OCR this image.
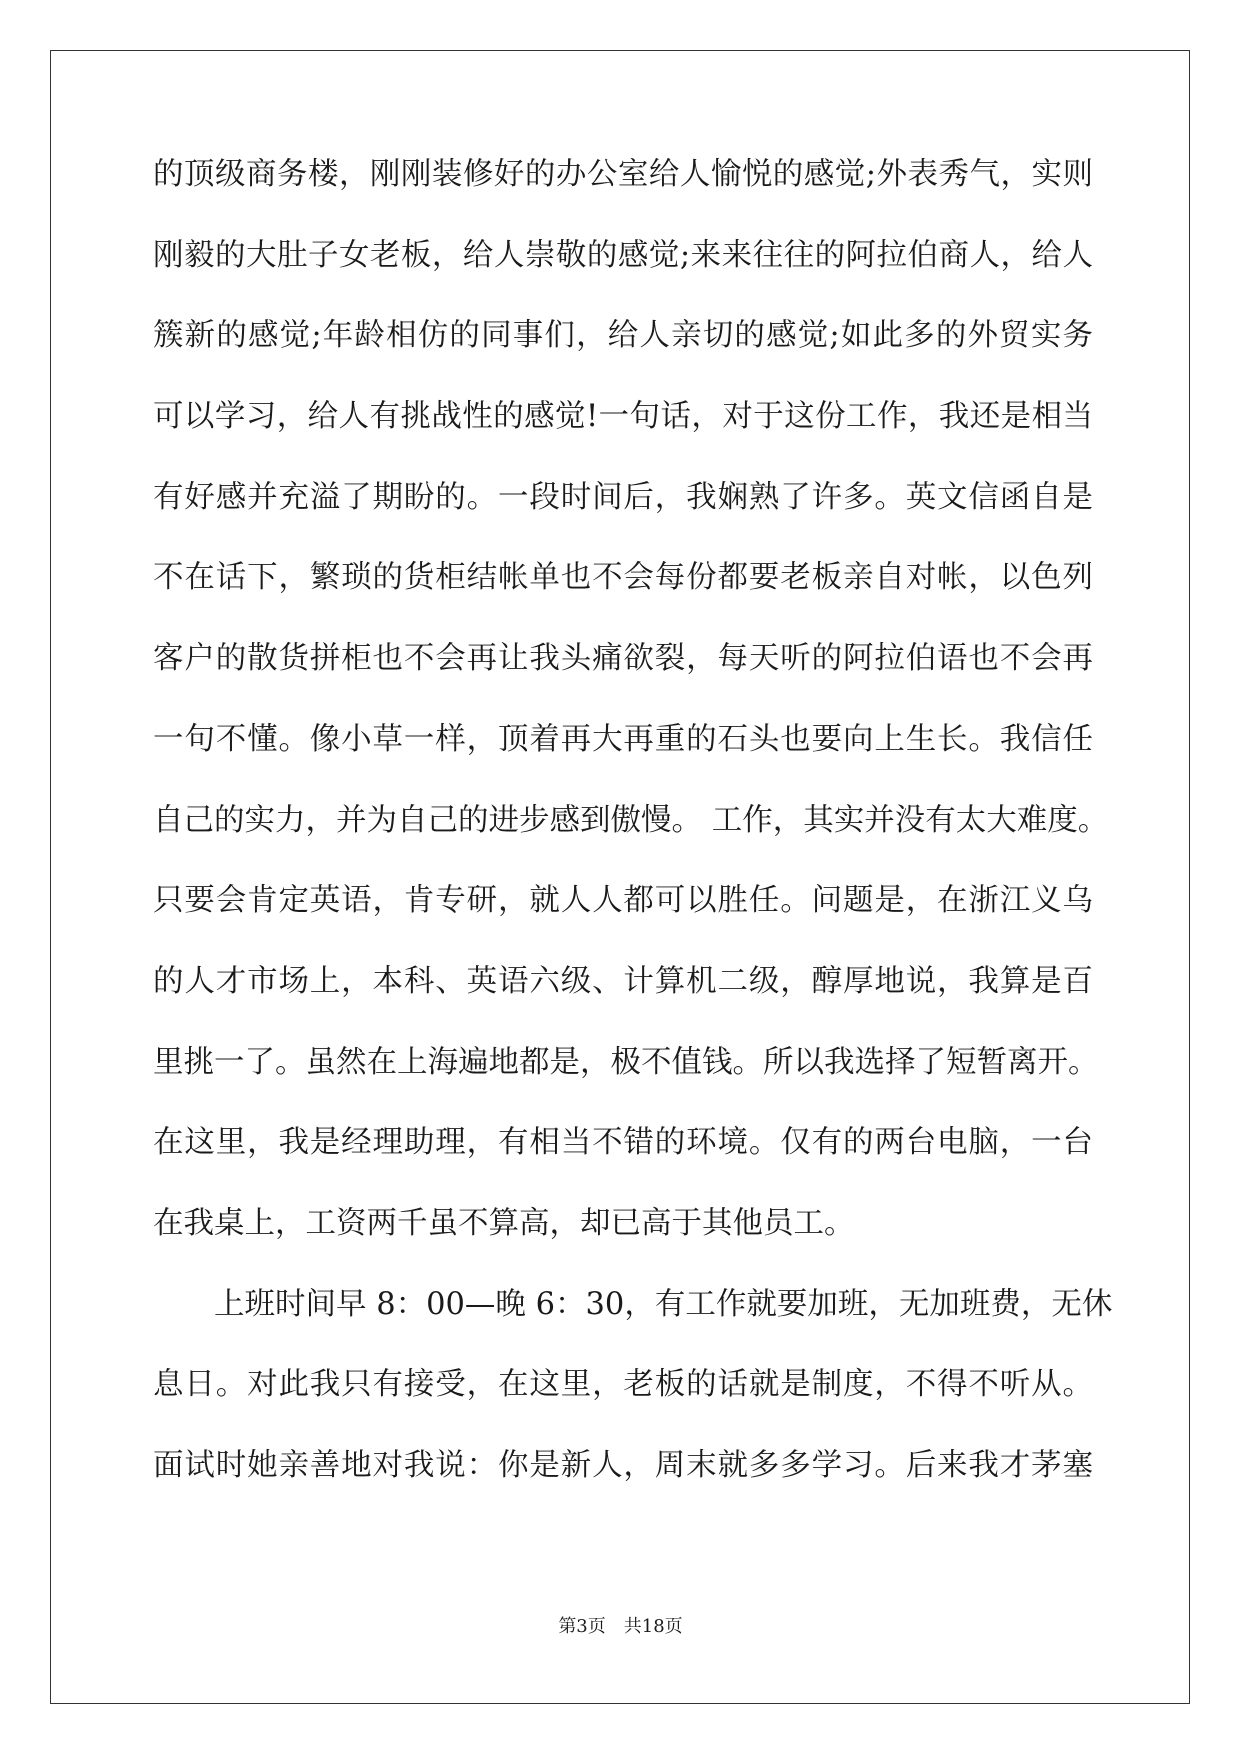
的顶级商务楼，刚刚装修好的办公室给人愉悦的感觉;外表秀气，实则
刚毅的大肚子女老板，给人崇敬的感觉;来来往往的阿拉伯商人，给人
簇新的感觉;年龄相仿的同事们，给人亲切的感觉;如此多的外贸实务
可以学习，给人有挑战性的感觉!一句话，对于这份工作，我还是相当
有好感并充溢了期盼的。一段时间后，我娴熟了许多。英文信函自是
不在话下，繁琐的货柜结帐单也不会每份都要老板亲自对帐，以色列
客户的散货拼柜也不会再让我头痛欲裂，每天听的阿拉伯语也不会再
一句不懂。像小草一样，顶着再大再重的石头也要向上生长。我信任
自己的实力，并为自己的进步感到傲慢。 工作，其实并没有太大难度。
只要会肯定英语，肯专研，就人人都可以胜任。问题是，在浙江义乌
的人才市场上，本科、英语六级、计算机二级，醇厚地说，我算是百
里挑一了。虽然在上海遍地都是，极不值钱。所以我选择了短暂离开。
在这里，我是经理助理，有相当不错的环境。仅有的两台电脑，一台
在我桌上，工资两千虽不算高，却已高于其他员工。
上班时间早 8：00—晚 6：30，有工作就要加班，无加班费，无休
息日。对此我只有接受，在这里，老板的话就是制度，不得不听从。
面试时她亲善地对我说：你是新人，周末就多多学习。后来我才茅塞
第3页　共18页
